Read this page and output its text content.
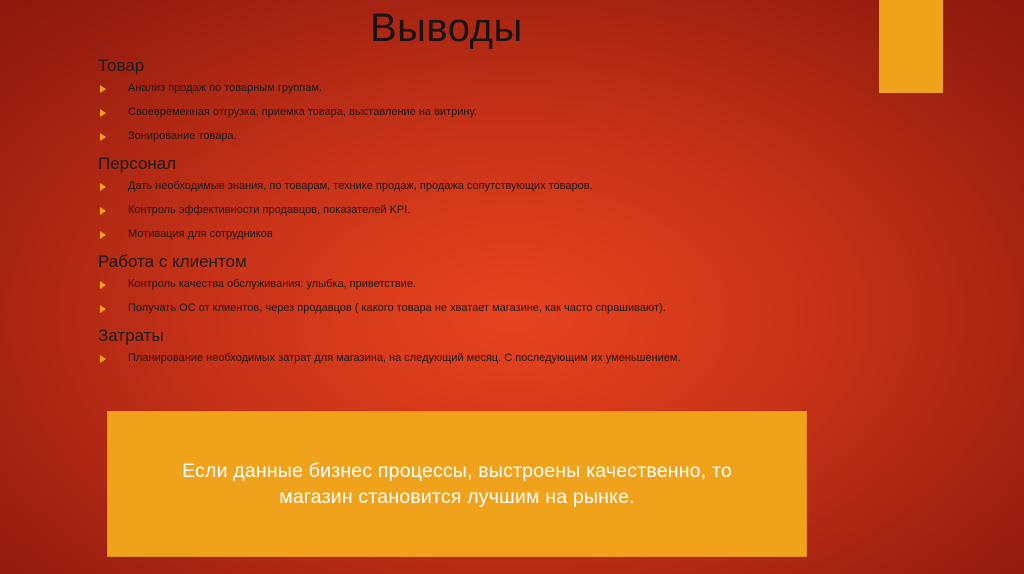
Выводы
Товар
Анализ продаж по товарным группам.
Своевременная отгрузка, приемка товара, выставление на витрину.
Зонирование товара.
Персонал
Дать необходимые знания, по товарам, технике продаж, продажа сопутствующих товаров.
Контроль эффективности продавцов, показателей KPI.
Мотивация для сотрудников
Работа с клиентом
Контроль качества обслуживания: улыбка, приветствие.
Получать ОС от клиентов, через продавцов ( какого товара не хватает магазине, как часто спрашивают).
Затраты
Планирование необходимых затрат для магазина, на следующий месяц. С последующим их уменьшением.
Если данные бизнес процессы, выстроены качественно, то магазин становится лучшим на рынке.
